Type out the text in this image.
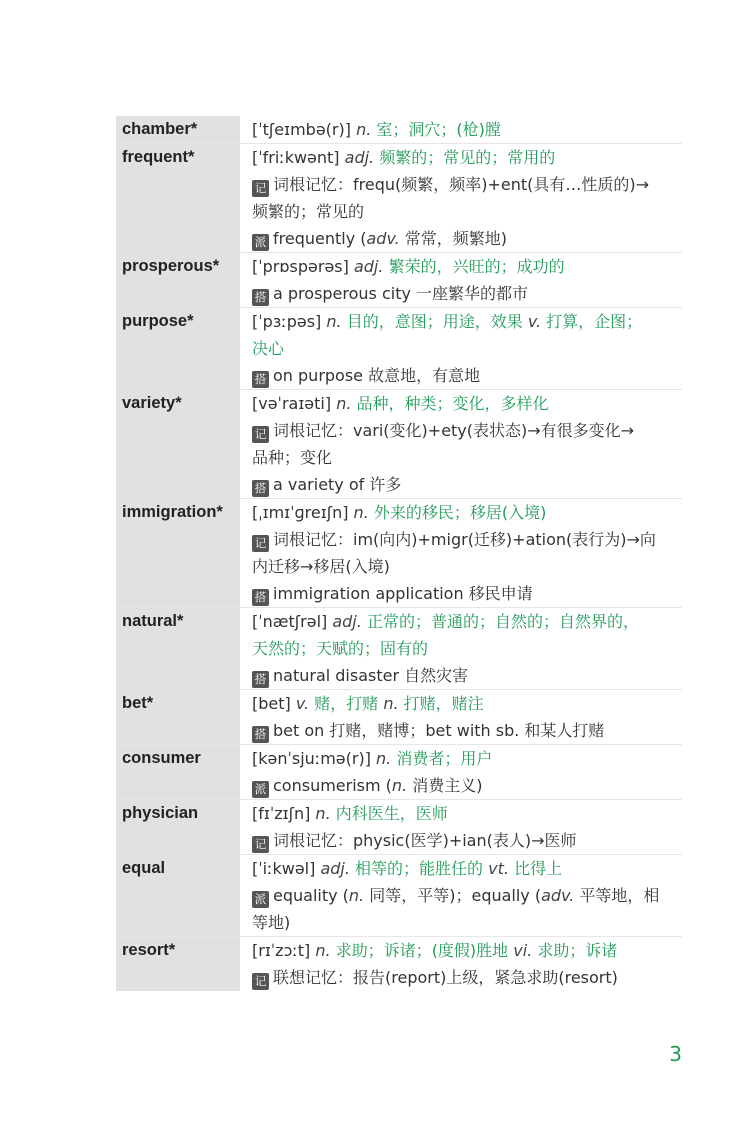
chamber*	[ˈtʃeɪmbə(r)] n. 室；洞穴；(枪)膛
frequent*	[ˈfriːkwənt] adj. 频繁的；常见的；常用的
记 词根记忆：frequ(频繁，频率)+ent(具有…性质的)→
频繁的；常见的
派 frequently (adv. 常常，频繁地)
prosperous*	[ˈprɒspərəs] adj. 繁荣的，兴旺的；成功的
搭 a prosperous city 一座繁华的都市
purpose*	[ˈpɜːpəs] n. 目的，意图；用途，效果 v. 打算，企图；
决心
搭 on purpose 故意地，有意地
variety*	[vəˈraɪəti] n. 品种，种类；变化，多样化
记 词根记忆：vari(变化)+ety(表状态)→有很多变化→
品种；变化
搭 a variety of 许多
immigration*	[ˌɪmɪˈɡreɪʃn] n. 外来的移民；移居(入境)
记 词根记忆：im(向内)+migr(迁移)+ation(表行为)→向
内迁移→移居(入境)
搭 immigration application 移民申请
natural*	[ˈnætʃrəl] adj. 正常的；普通的；自然的；自然界的，
天然的；天赋的；固有的
搭 natural disaster 自然灾害
bet*	[bet] v. 赌，打赌 n. 打赌，赌注
搭 bet on 打赌，赌博；bet with sb. 和某人打赌
consumer	[kənˈsjuːmə(r)] n. 消费者；用户
派 consumerism (n. 消费主义)
physician	[fɪˈzɪʃn] n. 内科医生，医师
记 词根记忆：physic(医学)+ian(表人)→医师
equal	[ˈiːkwəl] adj. 相等的；能胜任的 vt. 比得上
派 equality (n. 同等，平等)；equally (adv. 平等地，相
等地)
resort*	[rɪˈzɔːt] n. 求助；诉诸；(度假)胜地 vi. 求助；诉诸
记 联想记忆：报告(report)上级，紧急求助(resort)
3
